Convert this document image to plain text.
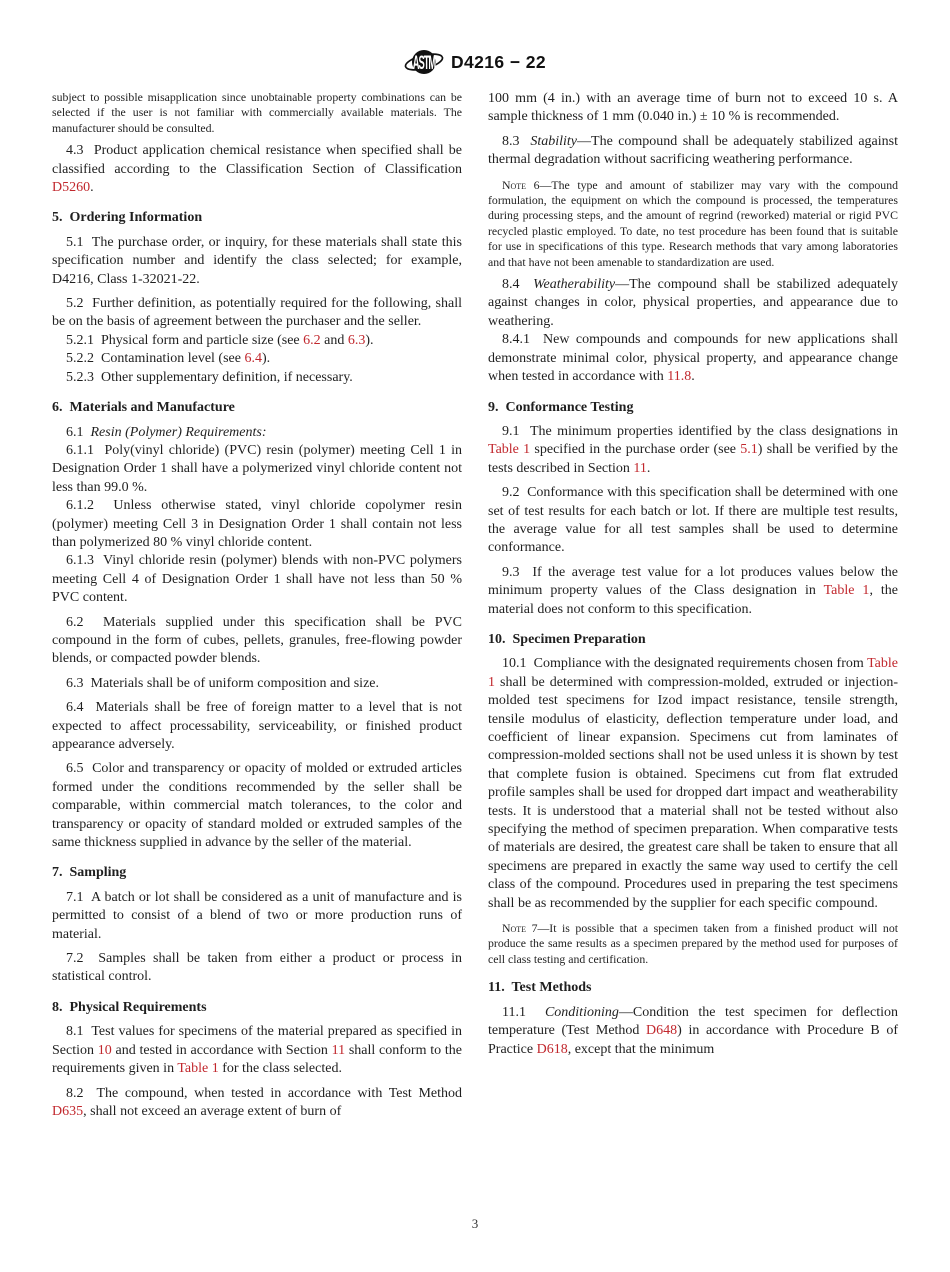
ASTM D4216 − 22

subject to possible misapplication since unobtainable property combinations can be selected if the user is not familiar with commercially available materials. The manufacturer should be consulted.

4.3  Product application chemical resistance when specified shall be classified according to the Classification Section of Classification D5260.

5.  Ordering Information

5.1  The purchase order, or inquiry, for these materials shall state this specification number and identify the class selected; for example, D4216, Class 1-32021-22.

5.2  Further definition, as potentially required for the following, shall be on the basis of agreement between the purchaser and the seller.

5.2.1  Physical form and particle size (see 6.2 and 6.3).

5.2.2  Contamination level (see 6.4).

5.2.3  Other supplementary definition, if necessary.

6.  Materials and Manufacture

6.1  Resin (Polymer) Requirements:

6.1.1  Poly(vinyl chloride) (PVC) resin (polymer) meeting Cell 1 in Designation Order 1 shall have a polymerized vinyl chloride content not less than 99.0 %.

6.1.2  Unless otherwise stated, vinyl chloride copolymer resin (polymer) meeting Cell 3 in Designation Order 1 shall contain not less than polymerized 80 % vinyl chloride content.

6.1.3  Vinyl chloride resin (polymer) blends with non-PVC polymers meeting Cell 4 of Designation Order 1 shall have not less than 50 % PVC content.

6.2  Materials supplied under this specification shall be PVC compound in the form of cubes, pellets, granules, free-flowing powder blends, or compacted powder blends.

6.3  Materials shall be of uniform composition and size.

6.4  Materials shall be free of foreign matter to a level that is not expected to affect processability, serviceability, or finished product appearance adversely.

6.5  Color and transparency or opacity of molded or extruded articles formed under the conditions recommended by the seller shall be comparable, within commercial match tolerances, to the color and transparency or opacity of standard molded or extruded samples of the same thickness supplied in advance by the seller of the material.

7.  Sampling

7.1  A batch or lot shall be considered as a unit of manufacture and is permitted to consist of a blend of two or more production runs of material.

7.2  Samples shall be taken from either a product or process in statistical control.

8.  Physical Requirements

8.1  Test values for specimens of the material prepared as specified in Section 10 and tested in accordance with Section 11 shall conform to the requirements given in Table 1 for the class selected.

8.2  The compound, when tested in accordance with Test Method D635, shall not exceed an average extent of burn of

100 mm (4 in.) with an average time of burn not to exceed 10 s. A sample thickness of 1 mm (0.040 in.) ± 10 % is recommended.

8.3  Stability—The compound shall be adequately stabilized against thermal degradation without sacrificing weathering performance.

Note 6—The type and amount of stabilizer may vary with the compound formulation, the equipment on which the compound is processed, the temperatures during processing steps, and the amount of regrind (reworked) material or rigid PVC recycled plastic employed. To date, no test procedure has been found that is suitable for use in specifications of this type. Research methods that vary among laboratories and that have not been amenable to standardization are used.

8.4  Weatherability—The compound shall be stabilized adequately against changes in color, physical properties, and appearance due to weathering.

8.4.1  New compounds and compounds for new applications shall demonstrate minimal color, physical property, and appearance change when tested in accordance with 11.8.

9.  Conformance Testing

9.1  The minimum properties identified by the class designations in Table 1 specified in the purchase order (see 5.1) shall be verified by the tests described in Section 11.

9.2  Conformance with this specification shall be determined with one set of test results for each batch or lot. If there are multiple test results, the average value for all test samples shall be used to determine conformance.

9.3  If the average test value for a lot produces values below the minimum property values of the Class designation in Table 1, the material does not conform to this specification.

10.  Specimen Preparation

10.1  Compliance with the designated requirements chosen from Table 1 shall be determined with compression-molded, extruded or injection-molded test specimens for Izod impact resistance, tensile strength, tensile modulus of elasticity, deflection temperature under load, and coefficient of linear expansion. Specimens cut from laminates of compression-molded sections shall not be used unless it is shown by test that complete fusion is obtained. Specimens cut from flat extruded profile samples shall be used for dropped dart impact and weatherability tests. It is understood that a material shall not be tested without also specifying the method of specimen preparation. When comparative tests of materials are desired, the greatest care shall be taken to ensure that all specimens are prepared in exactly the same way used to certify the cell class of the compound. Procedures used in preparing the test specimens shall be as recommended by the supplier for each specific compound.

Note 7—It is possible that a specimen taken from a finished product will not produce the same results as a specimen prepared by the method used for purposes of cell class testing and certification.

11.  Test Methods

11.1  Conditioning—Condition the test specimen for deflection temperature (Test Method D648) in accordance with Procedure B of Practice D618, except that the minimum

3
